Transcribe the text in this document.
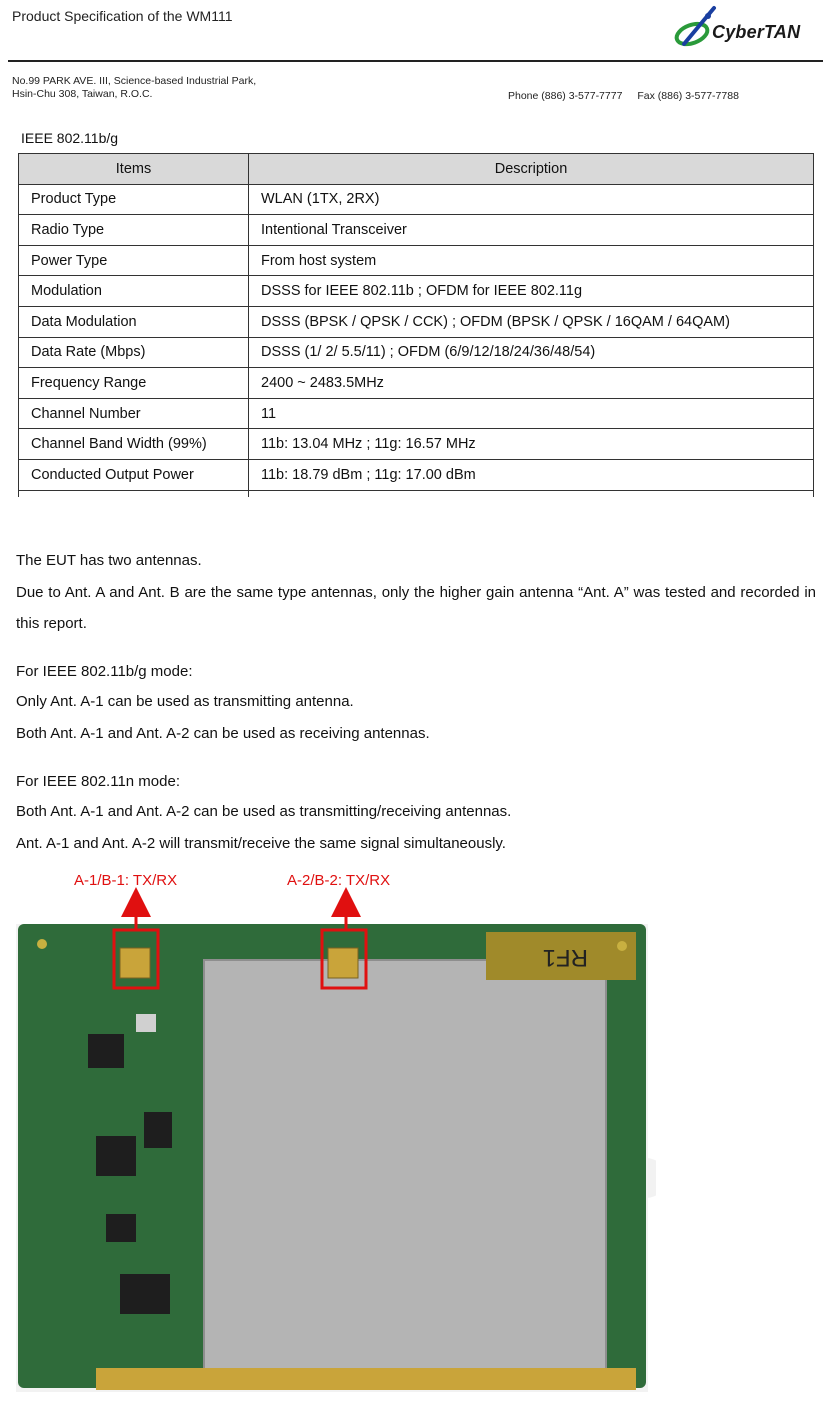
Product Specification of the WM111
CyberTAN
No.99 PARK AVE. III, Science-based Industrial Park,
Hsin-Chu 308, Taiwan, R.O.C.	Phone (886) 3-577-7777 Fax (886) 3-577-7788
IEEE 802.11b/g
Items	Description
Product Type	WLAN (1TX, 2RX)
Radio Type	Intentional Transceiver
Power Type	From host system
Modulation	DSSS for IEEE 802.11b ; OFDM for IEEE 802.11g
Data Modulation	DSSS (BPSK / QPSK / CCK) ; OFDM (BPSK / QPSK / 16QAM / 64QAM)
Data Rate (Mbps)	DSSS (1/ 2/ 5.5/11) ; OFDM (6/9/12/18/24/36/48/54)
Frequency Range	2400 ~ 2483.5MHz
Channel Number	11
Channel Band Width (99%)	11b: 13.04 MHz ; 11g: 16.57 MHz
Conducted Output Power	11b: 18.79 dBm ; 11g: 17.00 dBm

The EUT has two antennas.
Due to Ant. A and Ant. B are the same type antennas, only the higher gain antenna “Ant. A” was tested and recorded in this report.
For IEEE 802.11b/g mode:
Only Ant. A-1 can be used as transmitting antenna.
Both Ant. A-1 and Ant. A-2 can be used as receiving antennas.
For IEEE 802.11n mode:
Both Ant. A-1 and Ant. A-2 can be used as transmitting/receiving antennas.
Ant. A-1 and Ant. A-2 will transmit/receive the same signal simultaneously.
A-1/B-1: TX/RX	A-2/B-2: TX/RX
RF1
